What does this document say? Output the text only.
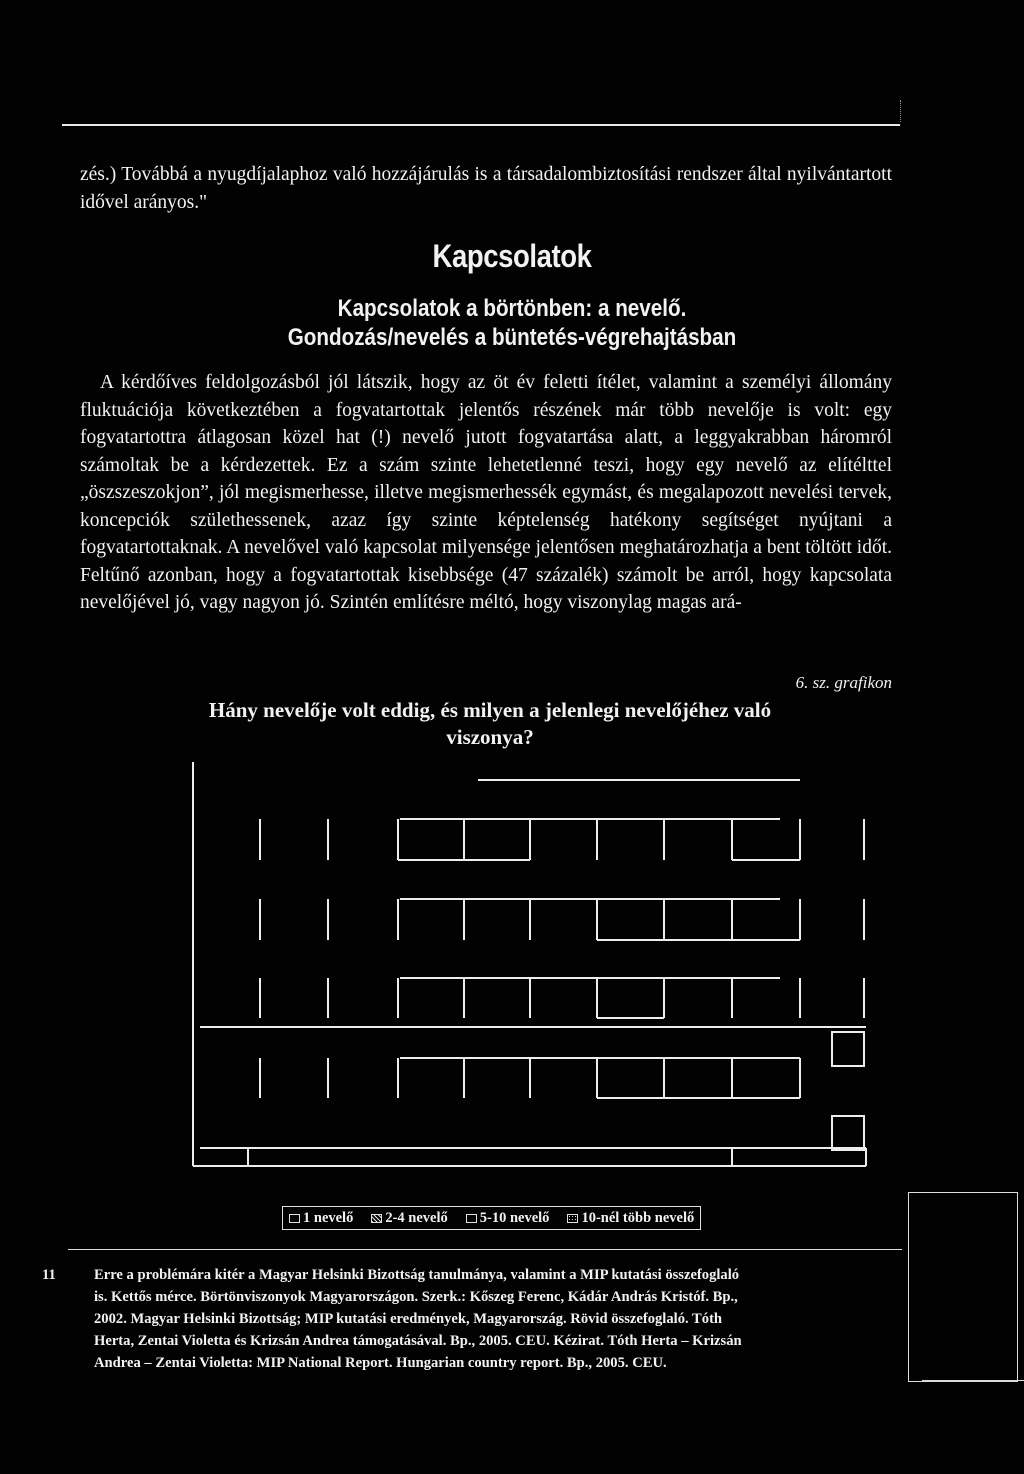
zés.) Továbbá a nyugdíjalaphoz való hozzájárulás is a társadalombiztosítási rendszer által nyilvántartott idővel arányos."

Kapcsolatok
Kapcsolatok a börtönben: a nevelő.
Gondozás/nevelés a büntetés-végrehajtásban

A kérdőíves feldolgozásból jól látszik, hogy az öt év feletti ítélet, valamint a személyi állomány fluktuációja következtében a fogvatartottak jelentős részének már több nevelője is volt: egy fogvatartottra átlagosan közel hat (!) nevelő jutott fogvatartása alatt, a leggyakrabban háromról számoltak be a kérdezettek. Ez a szám szinte lehetetlenné teszi, hogy egy nevelő az elítélttel „öszszeszokjon”, jól megismerhesse, illetve megismerhessék egymást, és megalapozott nevelési tervek, koncepciók születhessenek, azaz így szinte képtelenség hatékony segítséget nyújtani a fogvatartottaknak. A nevelővel való kapcsolat milyensége jelentősen meghatározhatja a bent töltött időt. Feltűnő azonban, hogy a fogvatartottak kisebbsége (47 százalék) számolt be arról, hogy kapcsolata nevelőjével jó, vagy nagyon jó. Szintén említésre méltó, hogy viszonylag magas ará-

6. sz. grafikon

Hány nevelője volt eddig, és milyen a jelenlegi nevelőjéhez való
viszonya?
1 nevelő 2-4 nevelő 5-10 nevelő 10-nél több nevelő
11	Erre a problémára kitér a Magyar Helsinki Bizottság tanulmánya, valamint a MIP kutatási összefoglaló
is. Kettős mérce. Börtönviszonyok Magyarországon. Szerk.: Kőszeg Ferenc, Kádár András Kristóf. Bp.,
2002. Magyar Helsinki Bizottság; MIP kutatási eredmények, Magyarország. Rövid összefoglaló. Tóth
Herta, Zentai Violetta és Krizsán Andrea támogatásával. Bp., 2005. CEU. Kézirat. Tóth Herta – Krizsán
Andrea – Zentai Violetta: MIP National Report. Hungarian country report. Bp., 2005. CEU.
